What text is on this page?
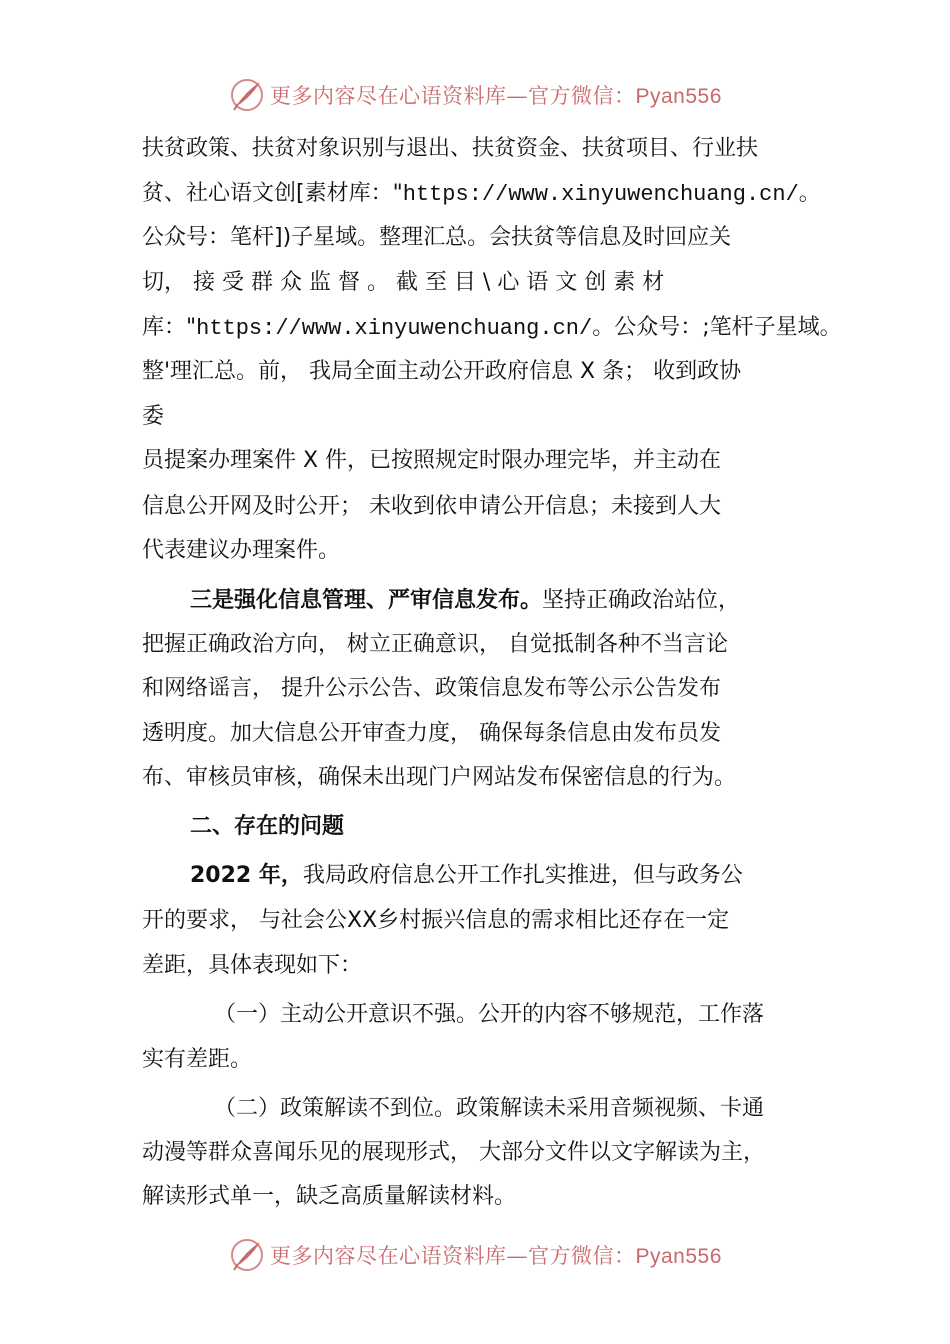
更多内容尽在心语资料库—官方微信：Pyan556
扶贫政策、扶贫对象识别与退出、扶贫资金、扶贫项目、行业扶
贫、社心语文创[素材库："https://www.xinyuwenchuang.cn/。
公众号：笔杆])子星域。整理汇总。会扶贫等信息及时回应关
切， 接 受 群 众 监 督 。 截 至 目 \ 心 语 文 创 素 材
库："https://www.xinyuwenchuang.cn/。公众号：;笔杆子星域。
整'理汇总。前， 我局全面主动公开政府信息 X 条； 收到政协
委
员提案办理案件 X 件，已按照规定时限办理完毕，并主动在
信息公开网及时公开； 未收到依申请公开信息；未接到人大
代表建议办理案件。
三是强化信息管理、严审信息发布。坚持正确政治站位，
把握正确政治方向， 树立正确意识， 自觉抵制各种不当言论
和网络谣言， 提升公示公告、政策信息发布等公示公告发布
透明度。加大信息公开审查力度， 确保每条信息由发布员发
布、审核员审核，确保未出现门户网站发布保密信息的行为。
二、存在的问题
2022 年，我局政府信息公开工作扎实推进，但与政务公
开的要求， 与社会公XX乡村振兴信息的需求相比还存在一定
差距，具体表现如下：
（一）主动公开意识不强。公开的内容不够规范，工作落
实有差距。
（二）政策解读不到位。政策解读未采用音频视频、卡通
动漫等群众喜闻乐见的展现形式， 大部分文件以文字解读为主，
解读形式单一，缺乏高质量解读材料。
更多内容尽在心语资料库—官方微信：Pyan556
